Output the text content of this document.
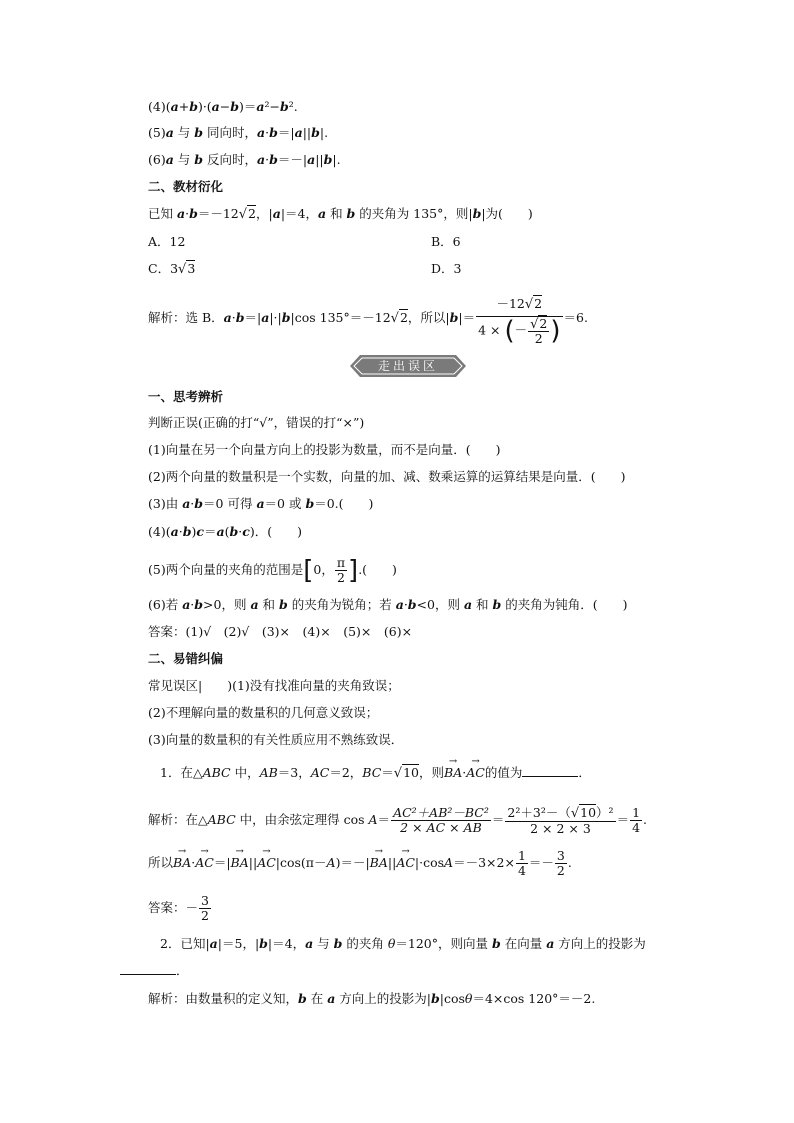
(4)(a+b)·(a−b)＝a²−b².
(5)a 与 b 同向时，a·b＝|a||b|.
(6)a 与 b 反向时，a·b＝－|a||b|.
二、教材衍化
已知 a·b＝－12√2，|a|＝4，a 和 b 的夹角为 135°，则|b|为(　　)
A．12	B．6
C．3√3	D．3
解析：选 B．a·b＝|a|·|b|cos 135°＝－12√2，所以$|b|= \frac{-12√2}{4 \times (- \frac{√2}{2} )} =6$.
走出误区
一、思考辨析
判断正误(正确的打“√”，错误的打“×”)
(1)向量在另一个向量方向上的投影为数量，而不是向量．(　　)
(2)两个向量的数量积是一个实数，向量的加、减、数乘运算的运算结果是向量．(　　)
(3)由 a·b＝0 可得 a＝0 或 b＝0.(　　)
(4)(a·b)c＝a(b·c)．(　　)
(5)两个向量的夹角的范围是[0， $\frac{\pi}{2}$ ].(　　)
(6)若 a·b>0，则 a 和 b 的夹角为锐角；若 a·b<0，则 a 和 b 的夹角为钝角．(　　)
答案：(1)√　(2)√　(3)×　(4)×　(5)×　(6)×
二、易错纠偏
常见误区|　　)(1)没有找准向量的夹角致误；
(2)不理解向量的数量积的几何意义致误；
(3)向量的数量积的有关性质应用不熟练致误．
1．在△ABC 中，AB＝3，AC＝2，BC＝√10，则→ BA·→ AC的值为	．
解析：在△ABC 中，由余弦定理得 $\cos A= \frac{\text{AC²＋AB²－BC²}}{2 \times AC \times AB} = \frac{\text{2²＋3²－（√10）²}}{2 \times 2 \times 3} = \frac{1}{4}$ .
所以→ $BA\cdot\to AC=|\to BA||\to AC|\cos(\pi-A)=-|\to BA||\to AC|\cdot\cos A=-3\times 2\times \frac{1}{4} =- \frac{3}{2}$ .
答案：－ $\frac{3}{2}$
2．已知|a|＝5，|b|＝4，a 与 b 的夹角 θ＝120°，则向量 b 在向量 a 方向上的投影为
．
解析：由数量积的定义知，b 在 a 方向上的投影为|b|cosθ＝4×cos 120°＝－2.
